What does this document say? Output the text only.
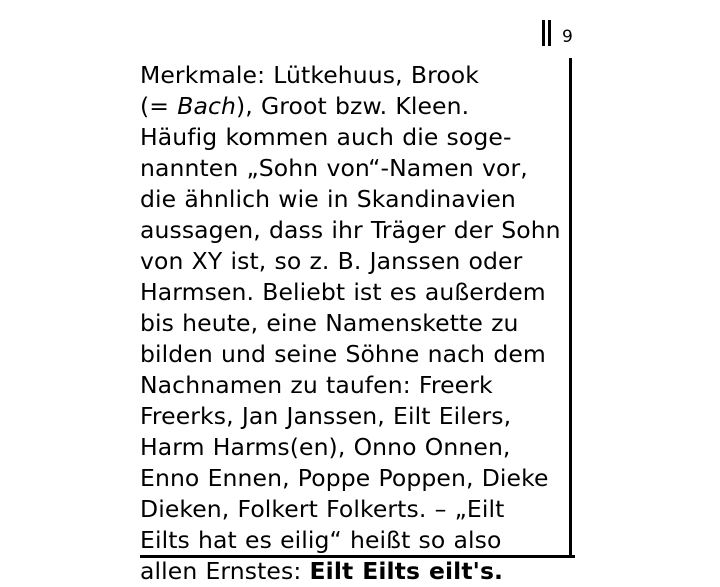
9

Merkmale: Lütkehuus, Brook
(= Bach), Groot bzw. Kleen.
Häufig kommen auch die soge-
nannten „Sohn von“-Namen vor,
die ähnlich wie in Skandinavien
aussagen, dass ihr Träger der Sohn
von XY ist, so z. B. Janssen oder
Harmsen. Beliebt ist es außerdem
bis heute, eine Namenskette zu
bilden und seine Söhne nach dem
Nachnamen zu taufen: Freerk
Freerks, Jan Janssen, Eilt Eilers,
Harm Harms(en), Onno Onnen,
Enno Ennen, Poppe Poppen, Dieke
Dieken, Folkert Folkerts. – „Eilt
Eilts hat es eilig“ heißt so also
allen Ernstes: Eilt Eilts eilt's.
